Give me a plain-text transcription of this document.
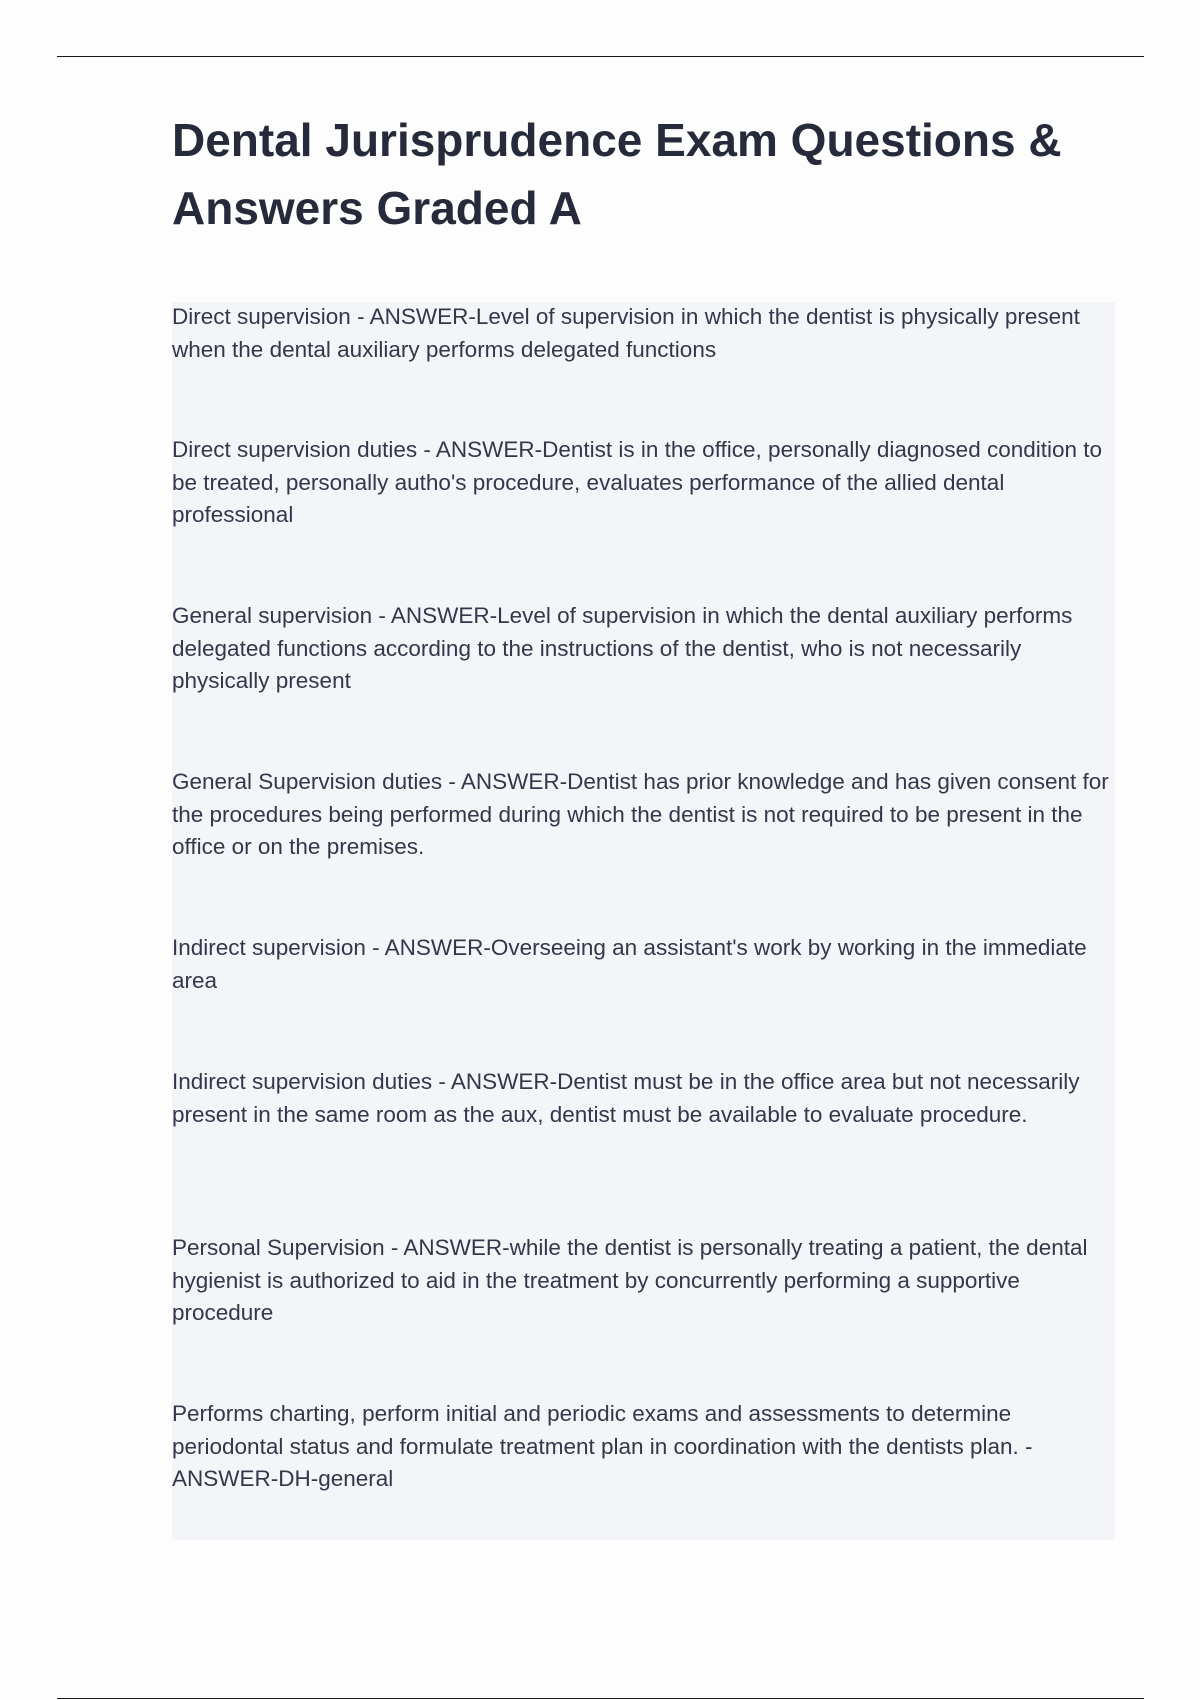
Dental Jurisprudence Exam Questions & Answers Graded A

Direct supervision - ANSWER-Level of supervision in which the dentist is physically present when the dental auxiliary performs delegated functions

Direct supervision duties - ANSWER-Dentist is in the office, personally diagnosed condition to be treated, personally autho's procedure, evaluates performance of the allied dental professional

General supervision - ANSWER-Level of supervision in which the dental auxiliary performs delegated functions according to the instructions of the dentist, who is not necessarily physically present

General Supervision duties - ANSWER-Dentist has prior knowledge and has given consent for the procedures being performed during which the dentist is not required to be present in the office or on the premises.

Indirect supervision - ANSWER-Overseeing an assistant's work by working in the immediate area

Indirect supervision duties - ANSWER-Dentist must be in the office area but not necessarily present in the same room as the aux, dentist must be available to evaluate procedure.

Personal Supervision - ANSWER-while the dentist is personally treating a patient, the dental hygienist is authorized to aid in the treatment by concurrently performing a supportive procedure

Performs charting, perform initial and periodic exams and assessments to determine periodontal status and formulate treatment plan in coordination with the dentists plan. - ANSWER-DH-general
